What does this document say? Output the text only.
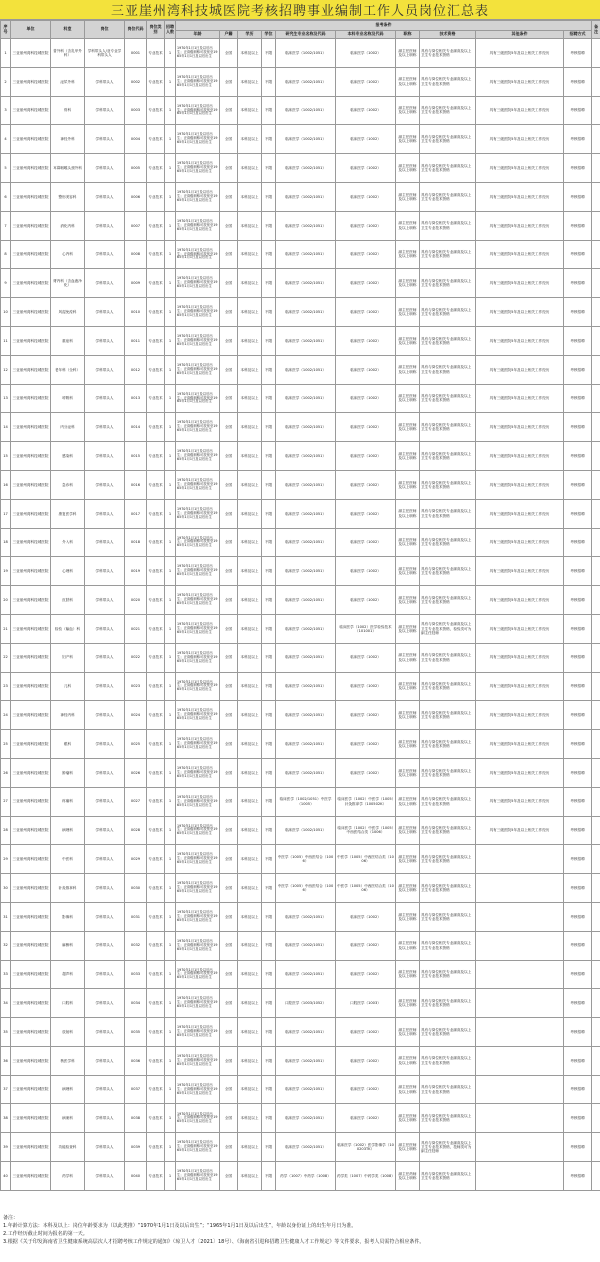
三亚崖州湾科技城医院考核招聘事业编制工作人员岗位汇总表
序号	单位	科室	岗位	岗位代码	岗位类别	招聘人数	报考条件										备注
							年龄	户籍	学历	学位	研究生专业名称及代码	本科专业名称及代码	职称	技术资格	其他条件	招聘方式	
1	三亚崖州湾科技城医院	普外科（含乳甲外科）	学科带头人/亚专业学科带头人	0001	专业技术	1	1970年1月1日及以后出生；正高级职称可放宽至1965年1月1日及以后出生	全国	本科及以上	不限	临床医学（1002/1051）	临床医学（1002）	副主任医师及以上职称	具有与岗位相关专业副高及以上卫生专业技术资格	具有三级医院5年及以上相关工作经历	考核招聘	
2	三亚崖州湾科技城医院	泌尿外科	学科带头人	0002	专业技术	1	1970年1月1日及以后出生；正高级职称可放宽至1965年1月1日及以后出生	全国	本科及以上	不限	临床医学（1002/1051）	临床医学（1002）	副主任医师及以上职称	具有与岗位相关专业副高及以上卫生专业技术资格	具有三级医院5年及以上相关工作经历	考核招聘	
3	三亚崖州湾科技城医院	骨科	学科带头人	0003	专业技术	1	1970年1月1日及以后出生；正高级职称可放宽至1965年1月1日及以后出生	全国	本科及以上	不限	临床医学（1002/1051）	临床医学（1002）	副主任医师及以上职称	具有与岗位相关专业副高及以上卫生专业技术资格	具有三级医院5年及以上相关工作经历	考核招聘	
4	三亚崖州湾科技城医院	神经外科	学科带头人	0004	专业技术	1	1970年1月1日及以后出生；正高级职称可放宽至1965年1月1日及以后出生	全国	本科及以上	不限	临床医学（1002/1051）	临床医学（1002）	副主任医师及以上职称	具有与岗位相关专业副高及以上卫生专业技术资格	具有三级医院5年及以上相关工作经历	考核招聘	
5	三亚崖州湾科技城医院	耳鼻咽喉头颈外科	学科带头人	0005	专业技术	1	1970年1月1日及以后出生；正高级职称可放宽至1965年1月1日及以后出生	全国	本科及以上	不限	临床医学（1002/1051）	临床医学（1002）	副主任医师及以上职称	具有与岗位相关专业副高及以上卫生专业技术资格	具有三级医院5年及以上相关工作经历	考核招聘	
6	三亚崖州湾科技城医院	整形美容科	学科带头人	0006	专业技术	1	1970年1月1日及以后出生；正高级职称可放宽至1965年1月1日及以后出生	全国	本科及以上	不限	临床医学（1002/1051）	临床医学（1002）	副主任医师及以上职称	具有与岗位相关专业副高及以上卫生专业技术资格	具有三级医院5年及以上相关工作经历	考核招聘	
7	三亚崖州湾科技城医院	消化内科	学科带头人	0007	专业技术	1	1970年1月1日及以后出生；正高级职称可放宽至1965年1月1日及以后出生	全国	本科及以上	不限	临床医学（1002/1051）	临床医学（1002）	副主任医师及以上职称	具有与岗位相关专业副高及以上卫生专业技术资格	具有三级医院5年及以上相关工作经历	考核招聘	
8	三亚崖州湾科技城医院	心内科	学科带头人	0008	专业技术	1	1970年1月1日及以后出生；正高级职称可放宽至1965年1月1日及以后出生	全国	本科及以上	不限	临床医学（1002/1051）	临床医学（1002）	副主任医师及以上职称	具有与岗位相关专业副高及以上卫生专业技术资格	具有三级医院5年及以上相关工作经历	考核招聘	
9	三亚崖州湾科技城医院	肾内科（含血液净化）	学科带头人	0009	专业技术	1	1970年1月1日及以后出生；正高级职称可放宽至1965年1月1日及以后出生	全国	本科及以上	不限	临床医学（1002/1051）	临床医学（1002）	副主任医师及以上职称	具有与岗位相关专业副高及以上卫生专业技术资格	具有三级医院5年及以上相关工作经历	考核招聘	
10	三亚崖州湾科技城医院	风湿免疫科	学科带头人	0010	专业技术	1	1970年1月1日及以后出生；正高级职称可放宽至1965年1月1日及以后出生	全国	本科及以上	不限	临床医学（1002/1051）	临床医学（1002）	副主任医师及以上职称	具有与岗位相关专业副高及以上卫生专业技术资格	具有三级医院5年及以上相关工作经历	考核招聘	
11	三亚崖州湾科技城医院	重症科	学科带头人	0011	专业技术	1	1970年1月1日及以后出生；正高级职称可放宽至1965年1月1日及以后出生	全国	本科及以上	不限	临床医学（1002/1051）	临床医学（1002）	副主任医师及以上职称	具有与岗位相关专业副高及以上卫生专业技术资格	具有三级医院5年及以上相关工作经历	考核招聘	
12	三亚崖州湾科技城医院	老年科（全科）	学科带头人	0012	专业技术	1	1970年1月1日及以后出生；正高级职称可放宽至1965年1月1日及以后出生	全国	本科及以上	不限	临床医学（1002/1051）	临床医学（1002）	副主任医师及以上职称	具有与岗位相关专业副高及以上卫生专业技术资格	具有三级医院5年及以上相关工作经历	考核招聘	
13	三亚崖州湾科技城医院	呼吸科	学科带头人	0013	专业技术	1	1970年1月1日及以后出生；正高级职称可放宽至1965年1月1日及以后出生	全国	本科及以上	不限	临床医学（1002/1051）	临床医学（1002）	副主任医师及以上职称	具有与岗位相关专业副高及以上卫生专业技术资格	具有三级医院5年及以上相关工作经历	考核招聘	
14	三亚崖州湾科技城医院	内分泌科	学科带头人	0014	专业技术	1	1970年1月1日及以后出生；正高级职称可放宽至1965年1月1日及以后出生	全国	本科及以上	不限	临床医学（1002/1051）	临床医学（1002）	副主任医师及以上职称	具有与岗位相关专业副高及以上卫生专业技术资格	具有三级医院5年及以上相关工作经历	考核招聘	
15	三亚崖州湾科技城医院	感染科	学科带头人	0015	专业技术	1	1970年1月1日及以后出生；正高级职称可放宽至1965年1月1日及以后出生	全国	本科及以上	不限	临床医学（1002/1051）	临床医学（1002）	副主任医师及以上职称	具有与岗位相关专业副高及以上卫生专业技术资格	具有三级医院5年及以上相关工作经历	考核招聘	
16	三亚崖州湾科技城医院	急诊科	学科带头人	0016	专业技术	1	1970年1月1日及以后出生；正高级职称可放宽至1965年1月1日及以后出生	全国	本科及以上	不限	临床医学（1002/1051）	临床医学（1002）	副主任医师及以上职称	具有与岗位相关专业副高及以上卫生专业技术资格	具有三级医院5年及以上相关工作经历	考核招聘	
17	三亚崖州湾科技城医院	康复医学科	学科带头人	0017	专业技术	1	1970年1月1日及以后出生；正高级职称可放宽至1965年1月1日及以后出生	全国	本科及以上	不限	临床医学（1002/1051）	临床医学（1002）	副主任医师及以上职称	具有与岗位相关专业副高及以上卫生专业技术资格	具有三级医院5年及以上相关工作经历	考核招聘	
18	三亚崖州湾科技城医院	介入科	学科带头人	0018	专业技术	1	1970年1月1日及以后出生；正高级职称可放宽至1965年1月1日及以后出生	全国	本科及以上	不限	临床医学（1002/1051）	临床医学（1002）	副主任医师及以上职称	具有与岗位相关专业副高及以上卫生专业技术资格	具有三级医院5年及以上相关工作经历	考核招聘	
19	三亚崖州湾科技城医院	心理科	学科带头人	0019	专业技术	1	1970年1月1日及以后出生；正高级职称可放宽至1965年1月1日及以后出生	全国	本科及以上	不限	临床医学（1002/1051）	临床医学（1002）	副主任医师及以上职称	具有与岗位相关专业副高及以上卫生专业技术资格	具有三级医院5年及以上相关工作经历	考核招聘	
20	三亚崖州湾科技城医院	皮肤科	学科带头人	0020	专业技术	1	1970年1月1日及以后出生；正高级职称可放宽至1965年1月1日及以后出生	全国	本科及以上	不限	临床医学（1002/1051）	临床医学（1002）	副主任医师及以上职称	具有与岗位相关专业副高及以上卫生专业技术资格	具有三级医院5年及以上相关工作经历	考核招聘	
21	三亚崖州湾科技城医院	检验（输血）科	学科带头人	0021	专业技术	1	1970年1月1日及以后出生；正高级职称可放宽至1965年1月1日及以后出生	全国	本科及以上	不限	临床医学（1002/1051）	临床医学（1002）医学检验技术（101001）	副主任医师及以上职称	具有与岗位相关专业副高及以上卫生专业技术资格，检验类可为副主任技师	具有三级医院5年及以上相关工作经历	考核招聘	
22	三亚崖州湾科技城医院	妇产科	学科带头人	0022	专业技术	1	1970年1月1日及以后出生；正高级职称可放宽至1965年1月1日及以后出生	全国	本科及以上	不限	临床医学（1002/1051）	临床医学（1002）	副主任医师及以上职称	具有与岗位相关专业副高及以上卫生专业技术资格	具有三级医院5年及以上相关工作经历	考核招聘	
23	三亚崖州湾科技城医院	儿科	学科带头人	0023	专业技术	1	1970年1月1日及以后出生；正高级职称可放宽至1965年1月1日及以后出生	全国	本科及以上	不限	临床医学（1002/1051）	临床医学（1002）	副主任医师及以上职称	具有与岗位相关专业副高及以上卫生专业技术资格	具有三级医院5年及以上相关工作经历	考核招聘	
24	三亚崖州湾科技城医院	神经内科	学科带头人	0024	专业技术	1	1970年1月1日及以后出生；正高级职称可放宽至1965年1月1日及以后出生	全国	本科及以上	不限	临床医学（1002/1051）	临床医学（1002）	副主任医师及以上职称	具有与岗位相关专业副高及以上卫生专业技术资格	具有三级医院5年及以上相关工作经历	考核招聘	
25	三亚崖州湾科技城医院	眼科	学科带头人	0025	专业技术	1	1970年1月1日及以后出生；正高级职称可放宽至1965年1月1日及以后出生	全国	本科及以上	不限	临床医学（1002/1051）	临床医学（1002）	副主任医师及以上职称	具有与岗位相关专业副高及以上卫生专业技术资格	具有三级医院5年及以上相关工作经历	考核招聘	
26	三亚崖州湾科技城医院	肿瘤科	学科带头人	0026	专业技术	1	1970年1月1日及以后出生；正高级职称可放宽至1965年1月1日及以后出生	全国	本科及以上	不限	临床医学（1002/1051）	临床医学（1002）	副主任医师及以上职称	具有与岗位相关专业副高及以上卫生专业技术资格	具有三级医院5年及以上相关工作经历	考核招聘	
27	三亚崖州湾科技城医院	疼痛科	学科带头人	0027	专业技术	1	1970年1月1日及以后出生；正高级职称可放宽至1965年1月1日及以后出生	全国	本科及以上	不限	临床医学（1002/1051）中医学（1005）	临床医学（1002）中医学（1005）针灸推拿学（100502K）	副主任医师及以上职称	具有与岗位相关专业副高及以上卫生专业技术资格	具有三级医院5年及以上相关工作经历	考核招聘	
28	三亚崖州湾科技城医院	病理科	学科带头人	0028	专业技术	1	1970年1月1日及以后出生；正高级职称可放宽至1965年1月1日及以后出生	全国	本科及以上	不限	临床医学（1002/1051）	临床医学（1002）中医学（1005）中西医结合类（1006）	副主任医师及以上职称	具有与岗位相关专业副高及以上卫生专业技术资格	具有三级医院5年及以上相关工作经历	考核招聘	
29	三亚崖州湾科技城医院	中医科	学科带头人	0029	专业技术	1	1970年1月1日及以后出生；正高级职称可放宽至1965年1月1日及以后出生	全国	本科及以上	不限	中医学（1005）中西医结合（1006）	中医学（1005）中西医结合类（1006）	副主任医师及以上职称	具有与岗位相关专业副高及以上卫生专业技术资格		考核招聘	
30	三亚崖州湾科技城医院	针灸推拿科	学科带头人	0030	专业技术	1	1970年1月1日及以后出生；正高级职称可放宽至1965年1月1日及以后出生	全国	本科及以上	不限	中医学（1005）中西医结合（1006）	中医学（1005）中西医结合类（1006）	副主任医师及以上职称	具有与岗位相关专业副高及以上卫生专业技术资格		考核招聘	
31	三亚崖州湾科技城医院	影像科	学科带头人	0031	专业技术	1	1970年1月1日及以后出生；正高级职称可放宽至1965年1月1日及以后出生	全国	本科及以上	不限	临床医学（1002/1051）	临床医学（1002）	副主任医师及以上职称	具有与岗位相关专业副高及以上卫生专业技术资格		考核招聘	
32	三亚崖州湾科技城医院	麻醉科	学科带头人	0032	专业技术	1	1970年1月1日及以后出生；正高级职称可放宽至1965年1月1日及以后出生	全国	本科及以上	不限	临床医学（1002/1051）	临床医学（1002）	副主任医师及以上职称	具有与岗位相关专业副高及以上卫生专业技术资格		考核招聘	
33	三亚崖州湾科技城医院	超声科	学科带头人	0033	专业技术	1	1970年1月1日及以后出生；正高级职称可放宽至1965年1月1日及以后出生	全国	本科及以上	不限	临床医学（1002/1051）	临床医学（1002）	副主任医师及以上职称	具有与岗位相关专业副高及以上卫生专业技术资格		考核招聘	
34	三亚崖州湾科技城医院	口腔科	学科带头人	0034	专业技术	1	1970年1月1日及以后出生；正高级职称可放宽至1965年1月1日及以后出生	全国	本科及以上	不限	口腔医学（1003/1052）	口腔医学（1003）	副主任医师及以上职称	具有与岗位相关专业副高及以上卫生专业技术资格		考核招聘	
35	三亚崖州湾科技城医院	放射科	学科带头人	0035	专业技术	1	1970年1月1日及以后出生；正高级职称可放宽至1965年1月1日及以后出生	全国	本科及以上	不限	临床医学（1002/1051）	临床医学（1002）	副主任医师及以上职称	具有与岗位相关专业副高及以上卫生专业技术资格		考核招聘	
36	三亚崖州湾科技城医院	核医学科	学科带头人	0036	专业技术	1	1970年1月1日及以后出生；正高级职称可放宽至1965年1月1日及以后出生	全国	本科及以上	不限	临床医学（1002/1051）	临床医学（1002）	副主任医师及以上职称	具有与岗位相关专业副高及以上卫生专业技术资格		考核招聘	
37	三亚崖州湾科技城医院	病理科	学科带头人	0037	专业技术	1	1970年1月1日及以后出生；正高级职称可放宽至1965年1月1日及以后出生	全国	本科及以上	不限	临床医学（1002/1051）	临床医学（1002）	副主任医师及以上职称	具有与岗位相关专业副高及以上卫生专业技术资格		考核招聘	
38	三亚崖州湾科技城医院	病案科	学科带头人	0038	专业技术	1	1970年1月1日及以后出生；正高级职称可放宽至1965年1月1日及以后出生	全国	本科及以上	不限	临床医学（1002/1051）	临床医学（1002）	副主任医师及以上职称	具有与岗位相关专业副高及以上卫生专业技术资格		考核招聘	
39	三亚崖州湾科技城医院	功能检查科	学科带头人	0039	专业技术	1	1970年1月1日及以后出生；正高级职称可放宽至1965年1月1日及以后出生	全国	本科及以上	不限	临床医学（1002/1051）	临床医学（1002）医学影像学（100203TK）	副主任医师及以上职称	具有与岗位相关专业副高及以上卫生专业技术资格，技师类可为副主任技师		考核招聘	
40	三亚崖州湾科技城医院	药学科	学科带头人	0040	专业技术	1	1970年1月1日及以后出生；正高级职称可放宽至1965年1月1日及以后出生	全国	本科及以上	不限	药学（1007）中药学（1008）	药学类（1007）中药学类（1008）	副主任药师及以上职称	具有与岗位相关专业副高及以上卫生专业技术资格		考核招聘	

备注：

1.年龄计算方法：本科及以上：岗位年龄要求为（以此类推）“1970年1月1日及以后出生”；“1965年1月1日及以后出生”，年龄以身份证上的出生年月日为准。

2.工作经历截止时间为报名的第一天。

3.根据《关于印发海南省卫生健康系统高层次人才招聘考核工作规定的通知》（琼卫人才〔2021〕18号）、《海南省引进和招聘卫生健康人才工作规定》等文件要求，报考人员需符合相应条件。
